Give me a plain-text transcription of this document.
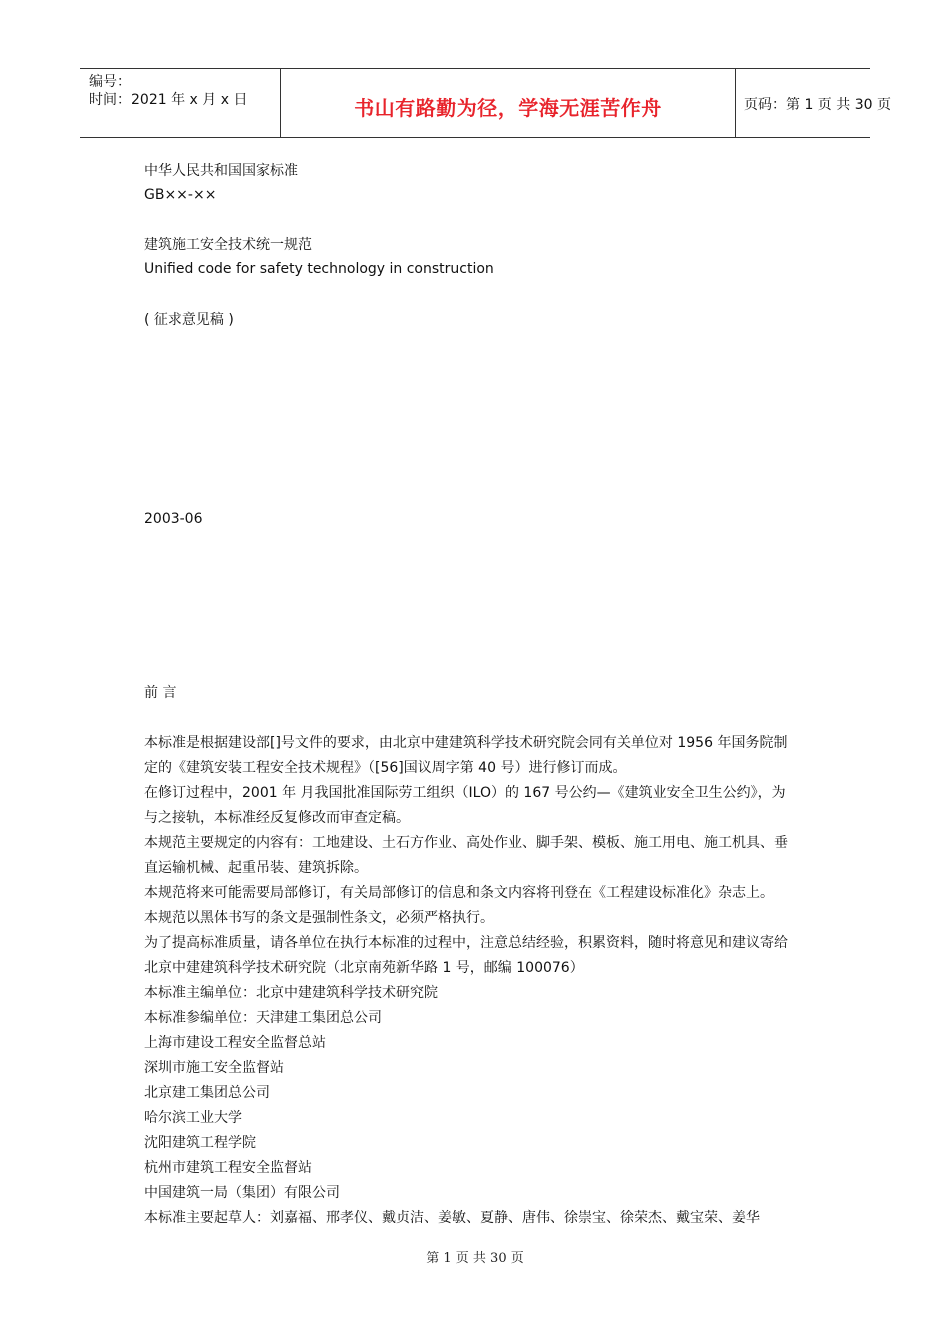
编号：
时间：2021 年 x 月 x 日	书山有路勤为径，学海无涯苦作舟	页码：第 1 页 共 30 页
中华人民共和国国家标准
GB××-××
建筑施工安全技术统一规范
Unified code for safety technology in construction
( 征求意见稿 )
2003-06
前 言
本标准是根据建设部[]号文件的要求，由北京中建建筑科学技术研究院会同有关单位对 1956 年国务院制
定的《建筑安装工程安全技术规程》（[56]国议周字第 40 号）进行修订而成。
在修订过程中，2001 年 月我国批准国际劳工组织（ILO）的 167 号公约—《建筑业安全卫生公约》，为
与之接轨，本标准经反复修改而审查定稿。
本规范主要规定的内容有：工地建设、土石方作业、高处作业、脚手架、模板、施工用电、施工机具、垂
直运输机械、起重吊装、建筑拆除。
本规范将来可能需要局部修订，有关局部修订的信息和条文内容将刊登在《工程建设标准化》杂志上。
本规范以黑体书写的条文是强制性条文，必须严格执行。
为了提高标准质量，请各单位在执行本标准的过程中，注意总结经验，积累资料，随时将意见和建议寄给
北京中建建筑科学技术研究院（北京南苑新华路 1 号，邮编 100076）
本标准主编单位：北京中建建筑科学技术研究院
本标准参编单位：天津建工集团总公司
上海市建设工程安全监督总站
深圳市施工安全监督站
北京建工集团总公司
哈尔滨工业大学
沈阳建筑工程学院
杭州市建筑工程安全监督站
中国建筑一局（集团）有限公司
本标准主要起草人：刘嘉福、邢孝仪、戴贞洁、姜敏、夏静、唐伟、徐崇宝、徐荣杰、戴宝荣、姜华
第 1 页 共 30 页
